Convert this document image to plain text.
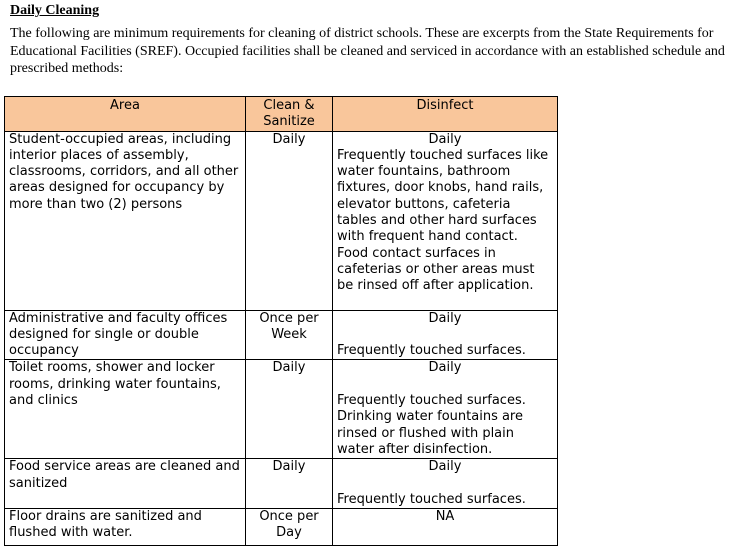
Daily Cleaning

The following are minimum requirements for cleaning of district schools. These are excerpts from the State Requirements for Educational Facilities (SREF). Occupied facilities shall be cleaned and serviced in accordance with an established schedule and prescribed methods:

Area	Clean & Sanitize	Disinfect
Student-occupied areas, including interior places of assembly, classrooms, corridors, and all other areas designed for occupancy by more than two (2) persons	Daily	Daily
Frequently touched surfaces like water fountains, bathroom fixtures, door knobs, hand rails, elevator buttons, cafeteria tables and other hard surfaces with frequent hand contact.
Food contact surfaces in cafeterias or other areas must be rinsed off after application.

Administrative and faculty offices designed for single or double occupancy	Once per Week	Daily
Frequently touched surfaces.

Toilet rooms, shower and locker rooms, drinking water fountains, and clinics	Daily	Daily
Frequently touched surfaces.
Drinking water fountains are rinsed or flushed with plain water after disinfection.

Food service areas are cleaned and sanitized	Daily	Daily
Frequently touched surfaces.

Floor drains are sanitized and flushed with water.	Once per Day	NA
